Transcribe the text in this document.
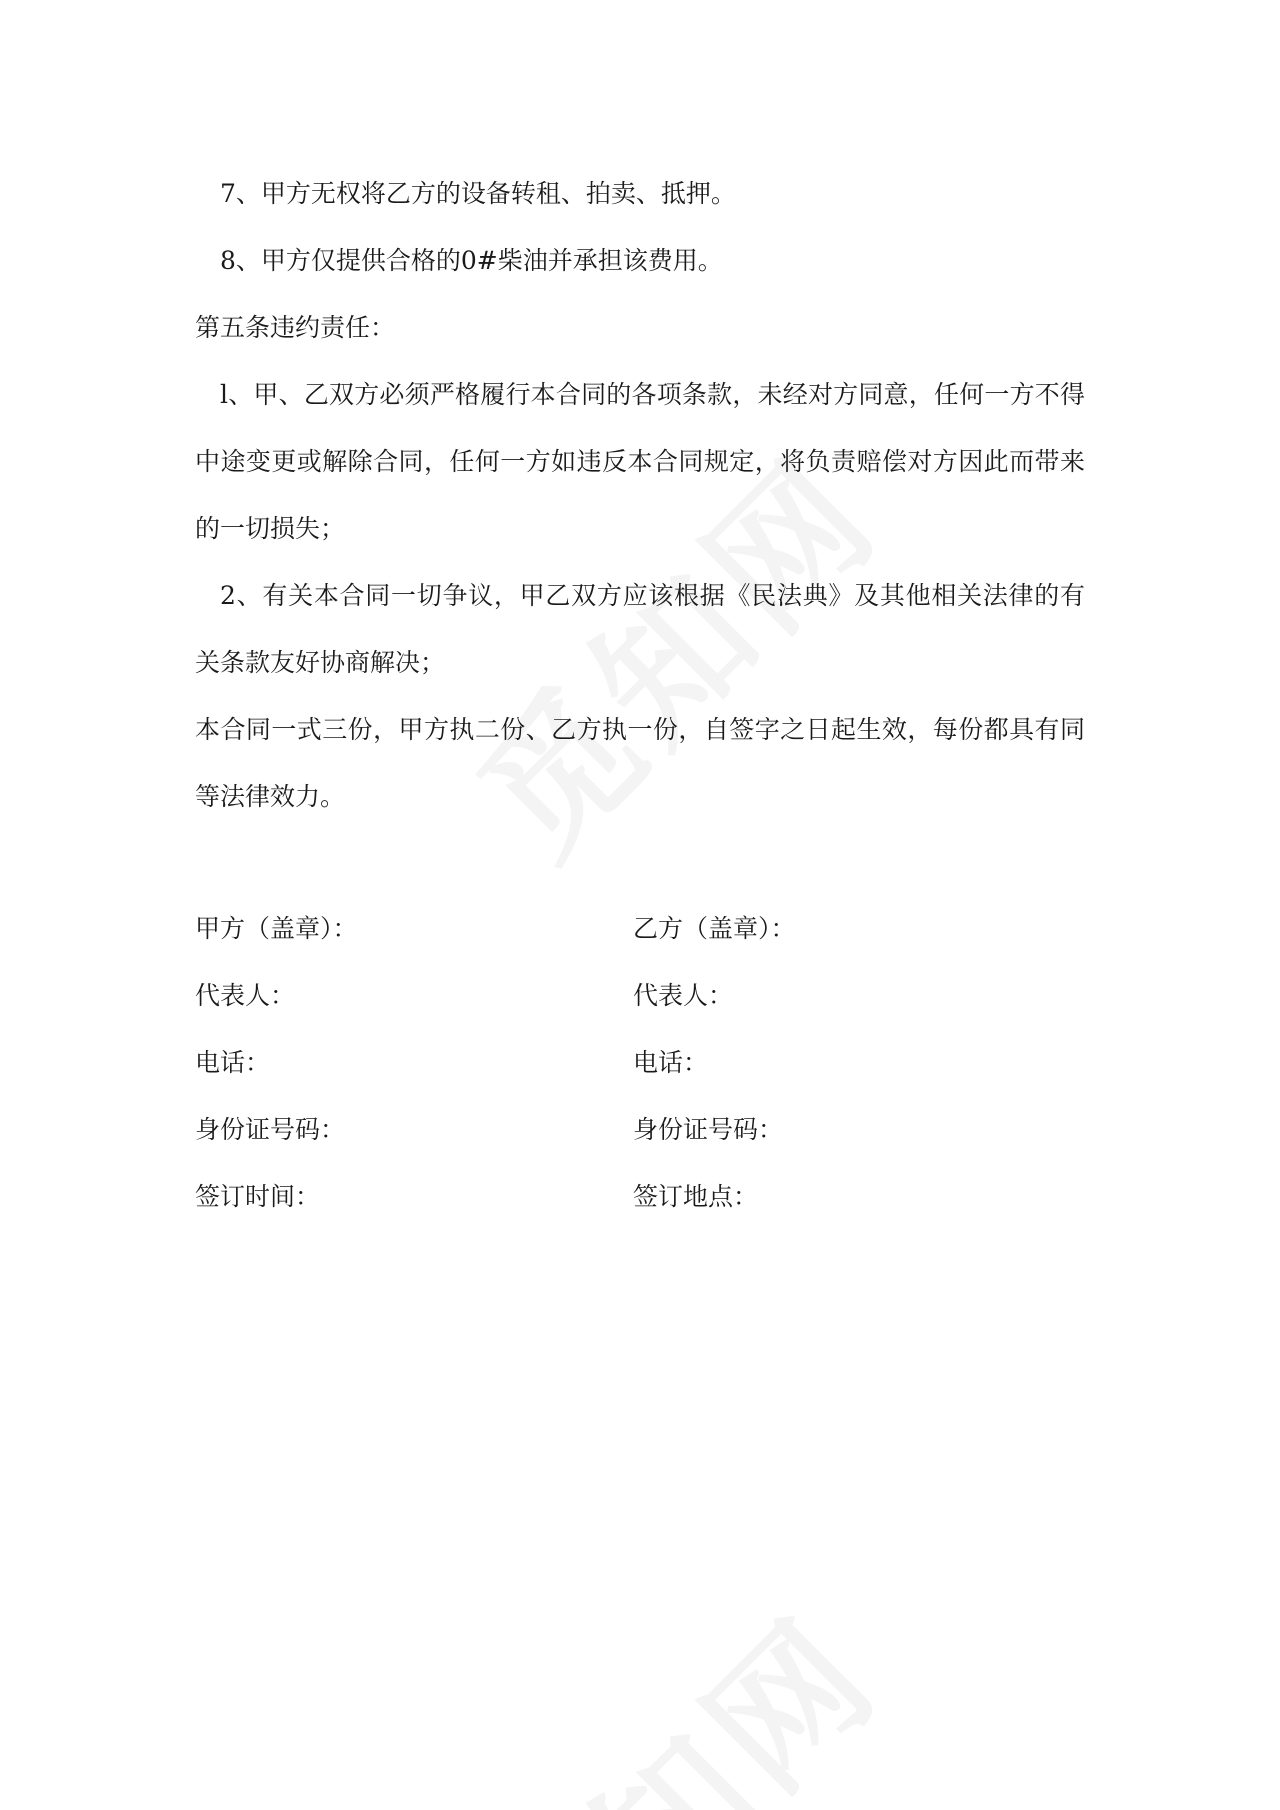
7、甲方无权将乙方的设备转租、拍卖、抵押。

8、甲方仅提供合格的0#柴油并承担该费用。

第五条违约责任：

l、甲、乙双方必须严格履行本合同的各项条款，未经对方同意，任何一方不得中途变更或解除合同，任何一方如违反本合同规定，将负责赔偿对方因此而带来的一切损失；

2、有关本合同一切争议，甲乙双方应该根据《民法典》及其他相关法律的有关条款友好协商解决；

本合同一式三份，甲方执二份、乙方执一份，自签字之日起生效，每份都具有同等法律效力。

甲方（盖章）：	乙方（盖章）：
代表人：	代表人：
电话：	电话：
身份证号码：	身份证号码：
签订时间：	签订地点：
